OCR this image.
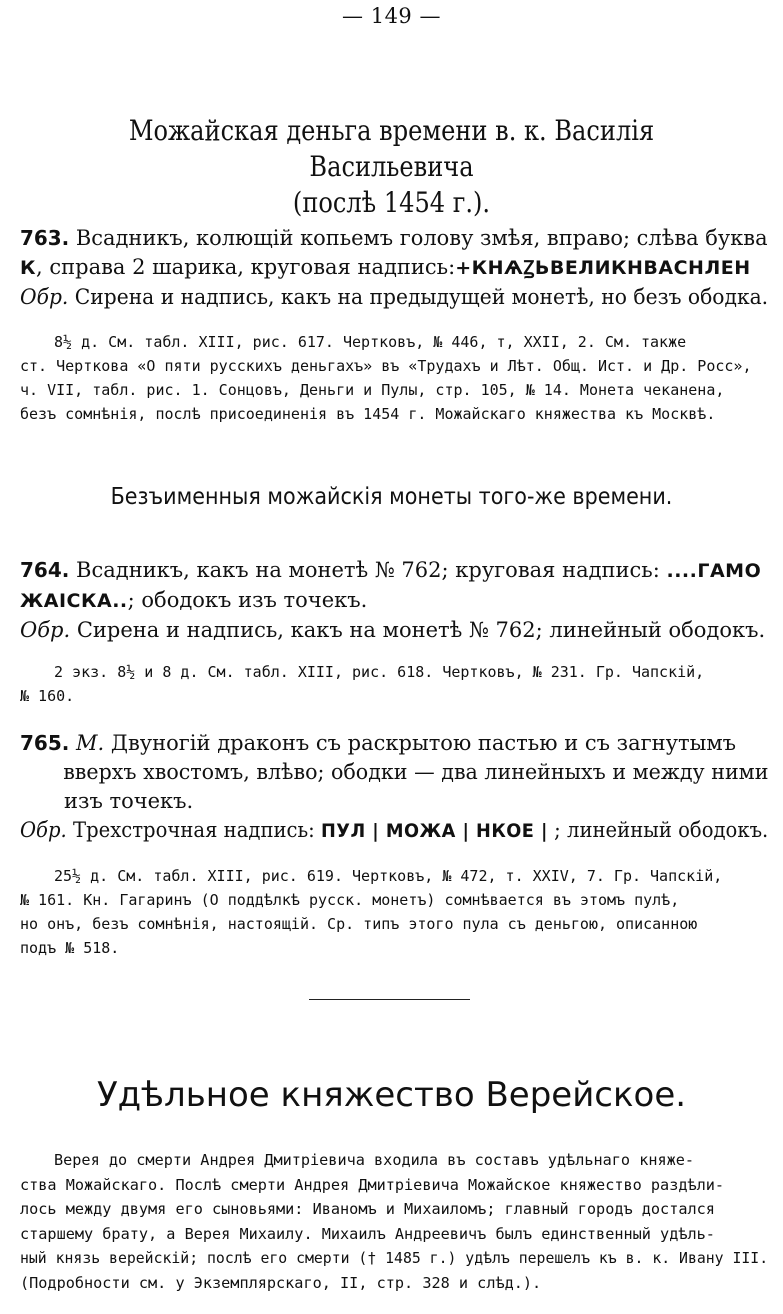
— 149 —
Можайская деньга времени в. к. Василія Васильевича
(послѣ 1454 г.).
763. Всадникъ, колющій копьемъ голову змѣя, вправо; слѣва буква
К, справа 2 шарика, круговая надпись:+КНѦꙀЬВЕЛИКНВАСНЛЕН
Обр. Сирена и надпись, какъ на предыдущей монетѣ, но безъ ободка.
8½ д. См. табл. XIII, рис. 617. Чертковъ, № 446, т, ХХII, 2. См. также
ст. Черткова «О пяти русскихъ деньгахъ» въ «Трудахъ и Лѣт. Общ. Ист. и Др. Росс»,
ч. VII, табл. рис. 1. Сонцовъ, Деньги и Пулы, стр. 105, № 14. Монета чеканена,
безъ сомнѣнія, послѣ присоединенія въ 1454 г. Можайскаго княжества къ Москвѣ.
Безъименныя можайскія монеты того-же времени.
764. Всадникъ, какъ на монетѣ № 762; круговая надпись: ....ГАМО
ЖАІСКА..; ободокъ изъ точекъ.
Обр. Сирена и надпись, какъ на монетѣ № 762; линейный ободокъ.
2 экз. 8½ и 8 д. См. табл. XIII, рис. 618. Чертковъ, № 231. Гр. Чапскій,
№ 160.
765. М. Двуногій драконъ съ раскрытою пастью и съ загнутымъ
вверхъ хвостомъ, влѣво; ободки — два линейныхъ и между ними
изъ точекъ.
Обр. Трехстрочная надпись: ПУЛ | МОЖА | НКОЕ | ; линейный ободокъ.
25½ д. См. табл. XIII, рис. 619. Чертковъ, № 472, т. XXIV, 7. Гр. Чапскій,
№ 161. Кн. Гагаринъ (О поддѣлкѣ русск. монетъ) сомнѣвается въ этомъ пулѣ,
но онъ, безъ сомнѣнія, настоящій. Ср. типъ этого пула съ деньгою, описанною
подъ № 518.
Удѣльное княжество Верейское.
Верея до смерти Андрея Дмитріевича входила въ составъ удѣльнаго княже-
ства Можайскаго. Послѣ смерти Андрея Дмитріевича Можайское княжество раздѣли-
лось между двумя его сыновьями: Иваномъ и Михаиломъ; главный городъ достался
старшему брату, а Верея Михаилу. Михаилъ Андреевичъ былъ единственный удѣль-
ный князь верейскій; послѣ его смерти († 1485 г.) удѣлъ перешелъ къ в. к. Ивану III.
(Подробности см. у Экземплярскаго, II, стр. 328 и слѣд.).
